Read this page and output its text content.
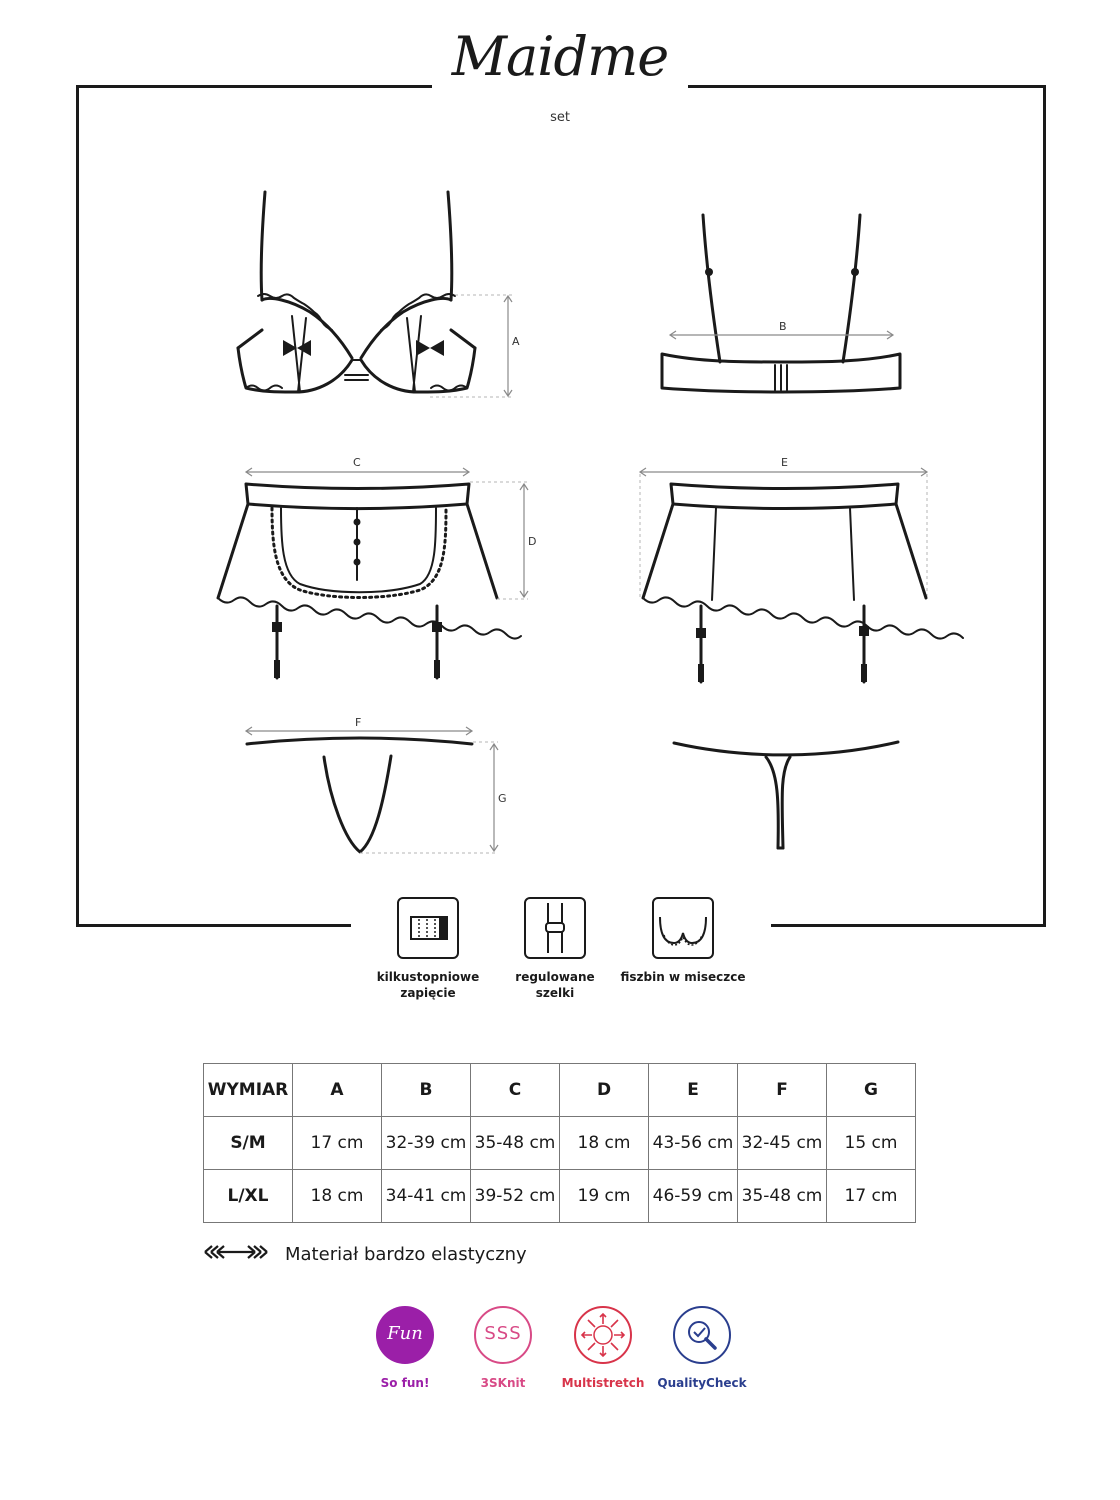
Maidme
set
A
B
C
D
E
F
G
kilkustopniowe
zapięcie
regulowane
szelki
fiszbin w miseczce
WYMIAR	A	B	C	D	E	F	G
S/M	17 cm	32-39 cm	35-48 cm	18 cm	43-56 cm	32-45 cm	15 cm
L/XL	18 cm	34-41 cm	39-52 cm	19 cm	46-59 cm	35-48 cm	17 cm
Materiał bardzo elastyczny
Fun
So fun!
SSS
3SKnit	Multistretch	QualityCheck
